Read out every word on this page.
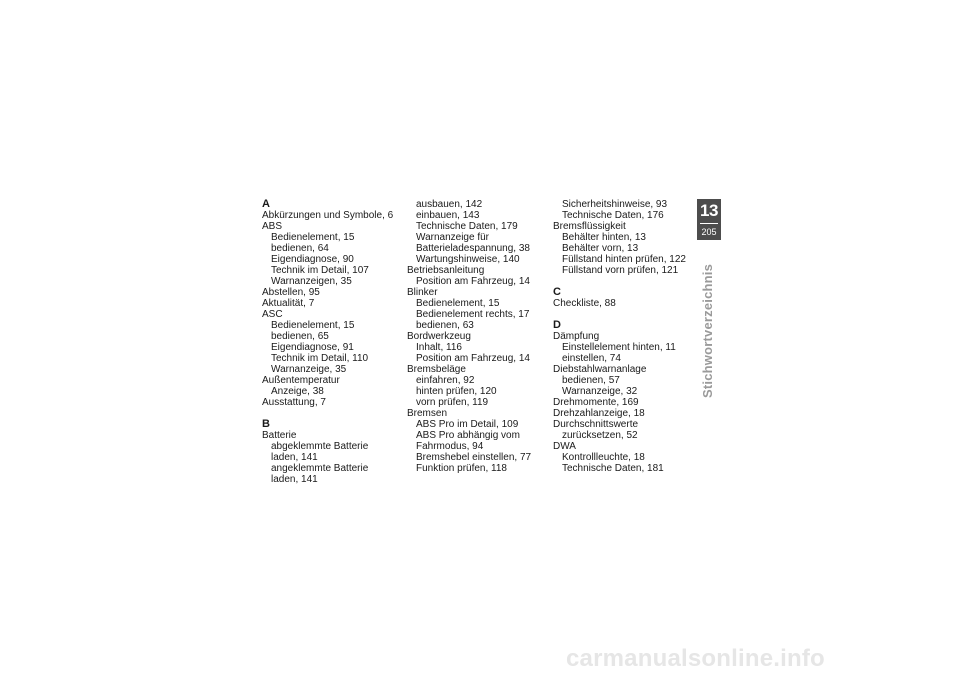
A
Abkürzungen und Symbole, 6
ABS
Bedienelement, 15
bedienen, 64
Eigendiagnose, 90
Technik im Detail, 107
Warnanzeigen, 35
Abstellen, 95
Aktualität, 7
ASC
Bedienelement, 15
bedienen, 65
Eigendiagnose, 91
Technik im Detail, 110
Warnanzeige, 35
Außentemperatur
Anzeige, 38
Ausstattung, 7
B
Batterie
abgeklemmte Batterie
laden, 141
angeklemmte Batterie
laden, 141
ausbauen, 142
einbauen, 143
Technische Daten, 179
Warnanzeige für
Batterieladespannung, 38
Wartungshinweise, 140
Betriebsanleitung
Position am Fahrzeug, 14
Blinker
Bedienelement, 15
Bedienelement rechts, 17
bedienen, 63
Bordwerkzeug
Inhalt, 116
Position am Fahrzeug, 14
Bremsbeläge
einfahren, 92
hinten prüfen, 120
vorn prüfen, 119
Bremsen
ABS Pro im Detail, 109
ABS Pro abhängig vom
Fahrmodus, 94
Bremshebel einstellen, 77
Funktion prüfen, 118
Sicherheitshinweise, 93
Technische Daten, 176
Bremsflüssigkeit
Behälter hinten, 13
Behälter vorn, 13
Füllstand hinten prüfen, 122
Füllstand vorn prüfen, 121
C
Checkliste, 88
D
Dämpfung
Einstellelement hinten, 11
einstellen, 74
Diebstahlwarnanlage
bedienen, 57
Warnanzeige, 32
Drehmomente, 169
Drehzahlanzeige, 18
Durchschnittswerte
zurücksetzen, 52
DWA
Kontrollleuchte, 18
Technische Daten, 181
13
205
Stichwortverzeichnis
carmanualsonline.info
